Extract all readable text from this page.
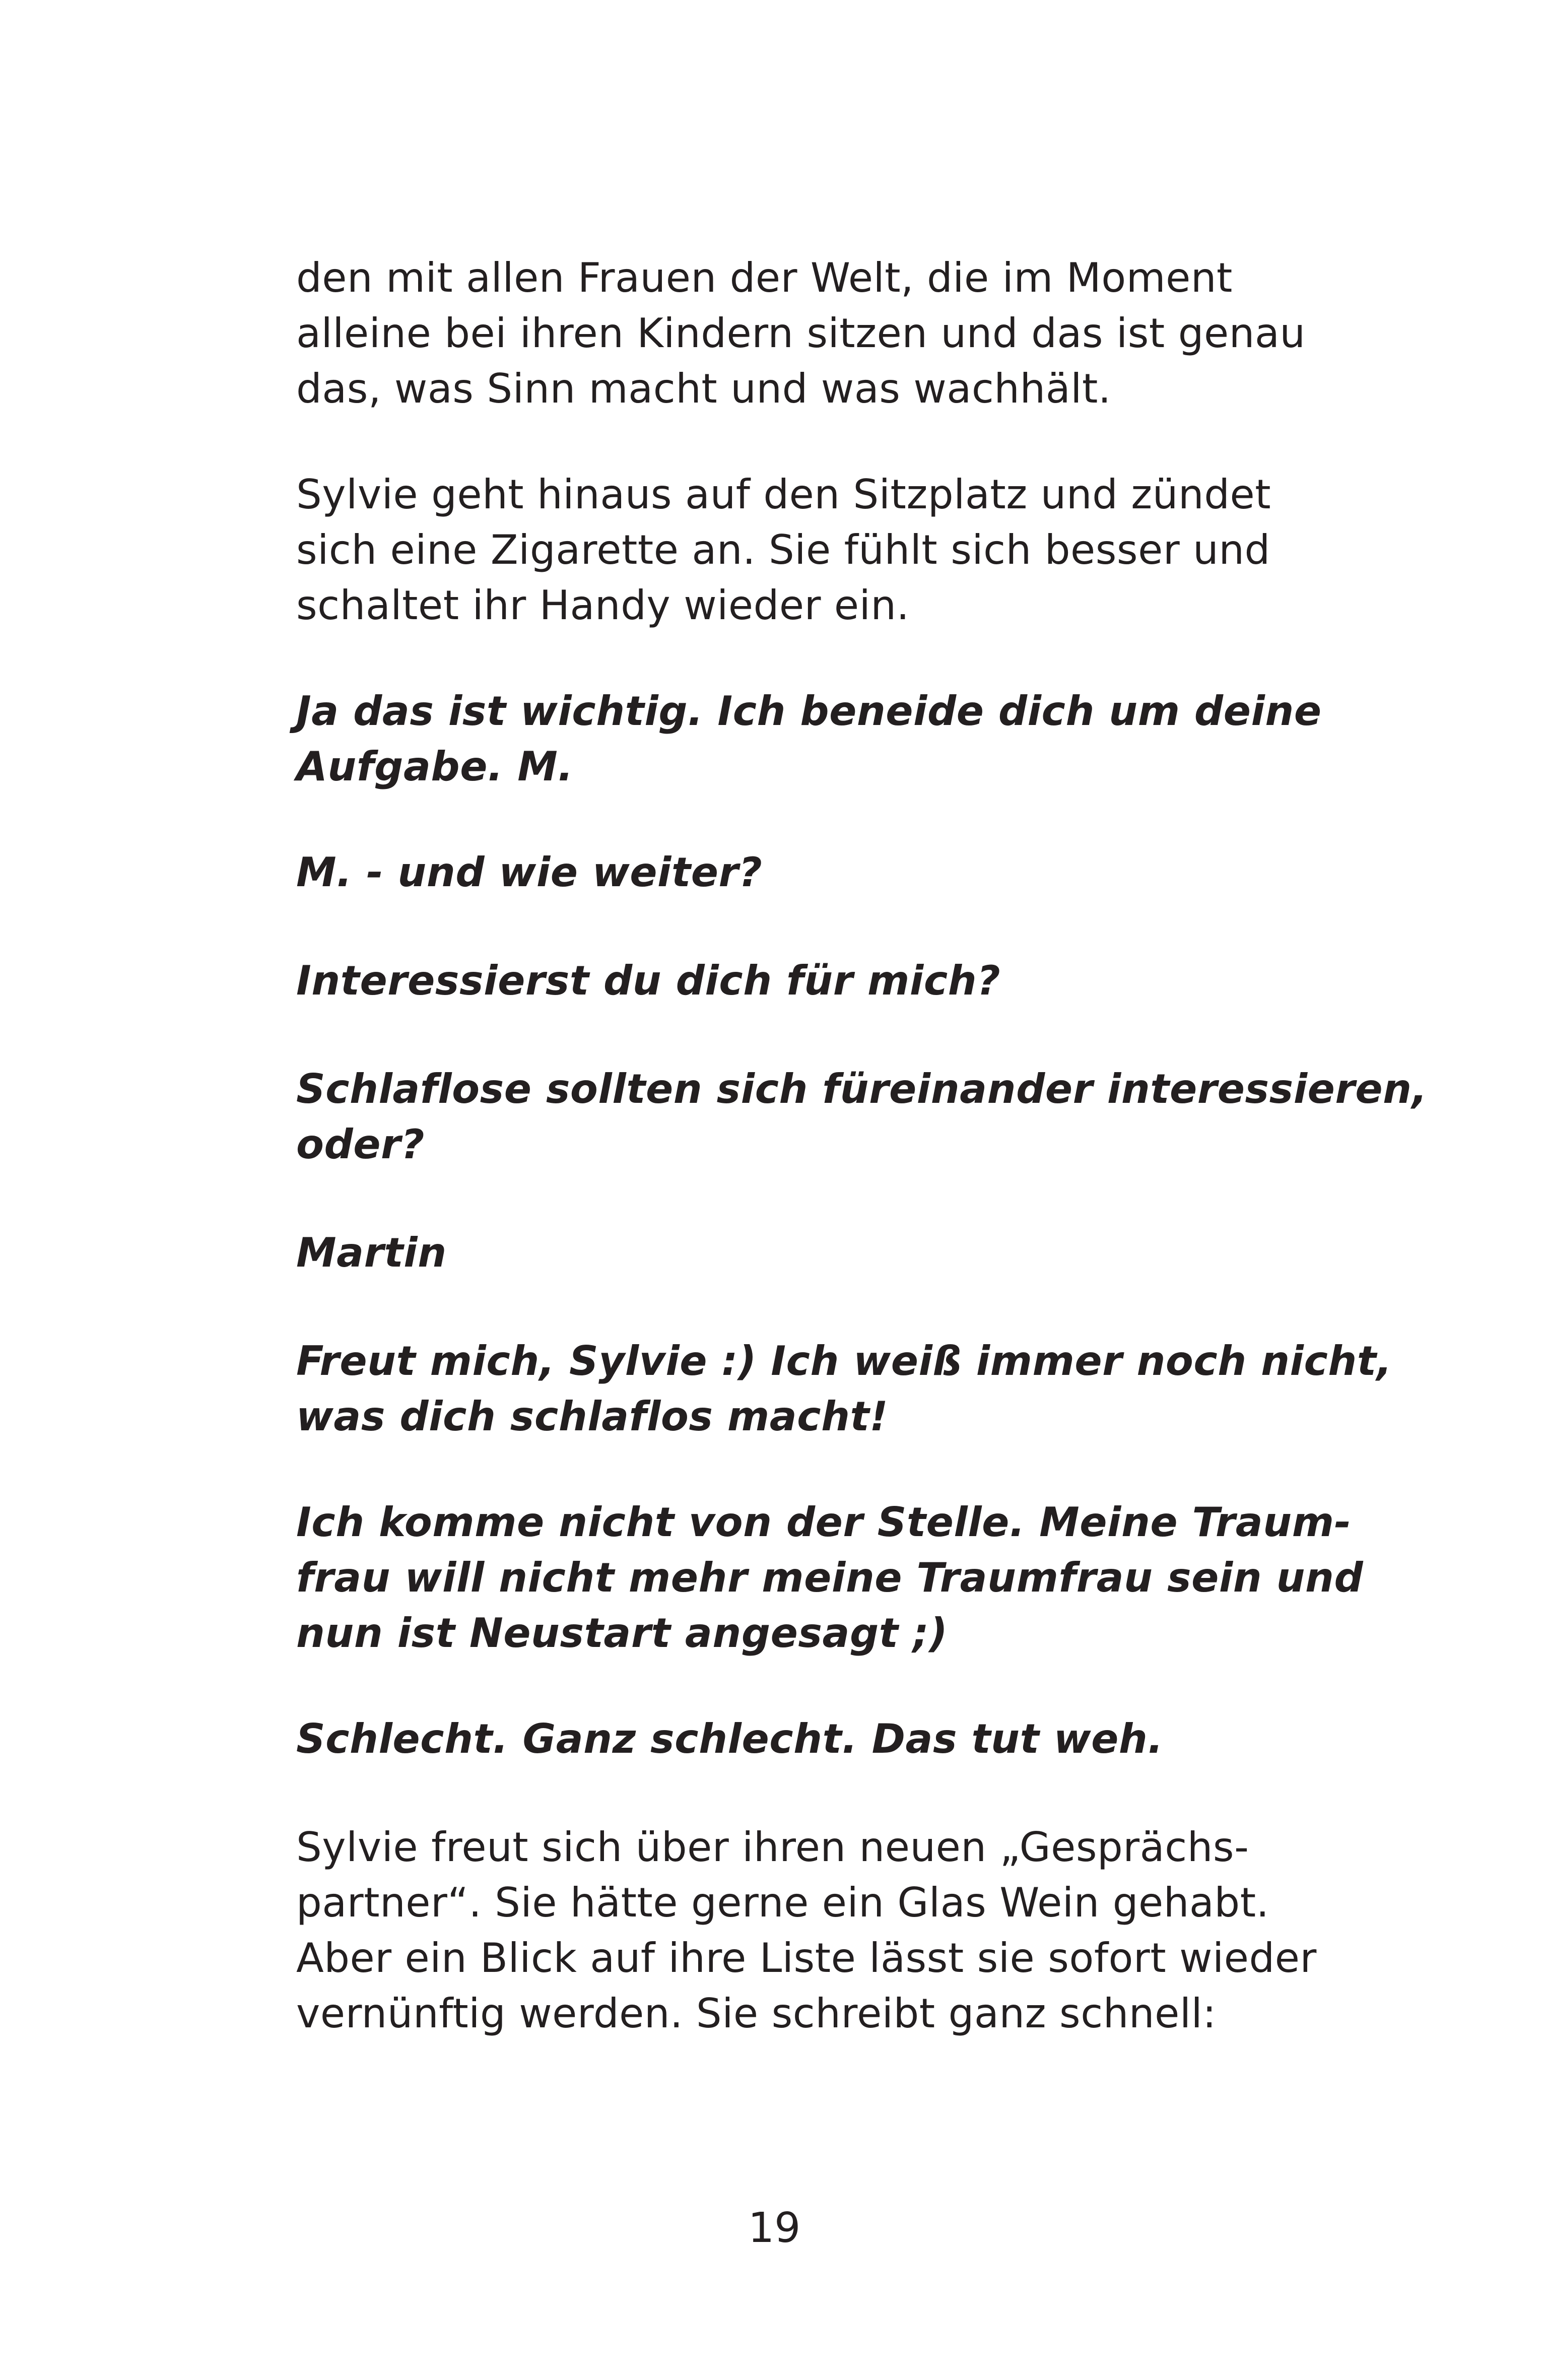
den mit allen Frauen der Welt, die im Moment
alleine bei ihren Kindern sitzen und das ist genau
das, was Sinn macht und was wachhält.

Sylvie geht hinaus auf den Sitzplatz und zündet
sich eine Zigarette an. Sie fühlt sich besser und
schaltet ihr Handy wieder ein.

Ja das ist wichtig. Ich beneide dich um deine
Aufgabe. M.

M. - und wie weiter?

Interessierst du dich für mich?

Schlaflose sollten sich füreinander interessieren,
oder?

Martin

Freut mich, Sylvie :) Ich weiß immer noch nicht,
was dich schlaflos macht!

Ich komme nicht von der Stelle. Meine Traum-
frau will nicht mehr meine Traumfrau sein und
nun ist Neustart angesagt ;)

Schlecht. Ganz schlecht. Das tut weh.

Sylvie freut sich über ihren neuen „Gesprächs-
partner“. Sie hätte gerne ein Glas Wein gehabt.
Aber ein Blick auf ihre Liste lässt sie sofort wieder
vernünftig werden. Sie schreibt ganz schnell:

19
